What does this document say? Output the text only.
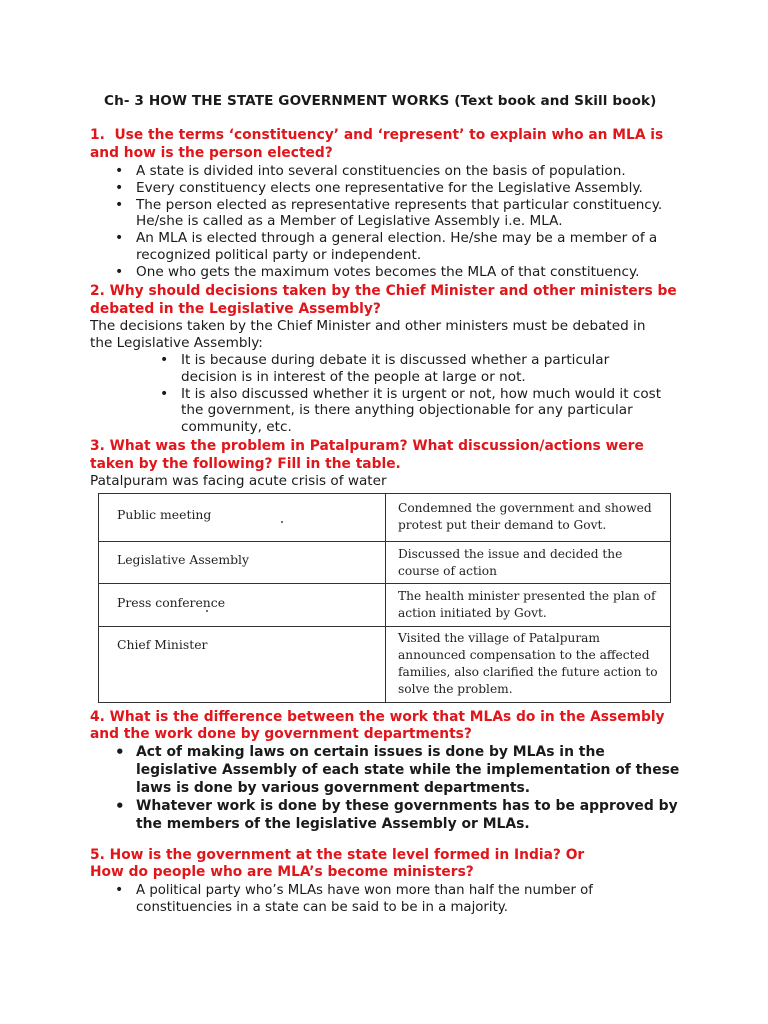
Ch- 3 HOW THE STATE GOVERNMENT WORKS (Text book and Skill book)
1. Use the terms ‘constituency’ and ‘represent’ to explain who an MLA is
and how is the person elected?
• A state is divided into several constituencies on the basis of population.
• Every constituency elects one representative for the Legislative Assembly.
• The person elected as representative represents that particular constituency.
He/she is called as a Member of Legislative Assembly i.e. MLA.
• An MLA is elected through a general election. He/she may be a member of a
recognized political party or independent.
• One who gets the maximum votes becomes the MLA of that constituency.
2. Why should decisions taken by the Chief Minister and other ministers be
debated in the Legislative Assembly?
The decisions taken by the Chief Minister and other ministers must be debated in
the Legislative Assembly:
• It is because during debate it is discussed whether a particular
decision is in interest of the people at large or not.
• It is also discussed whether it is urgent or not, how much would it cost
the government, is there anything objectionable for any particular
community, etc.
3. What was the problem in Patalpuram? What discussion/actions were
taken by the following? Fill in the table.
Patalpuram was facing acute crisis of water
Public meeting	Condemned the government and showed
protest put their demand to Govt.
Legislative Assembly	Discussed the issue and decided the
course of action
Press conference	The health minister presented the plan of
action initiated by Govt.
Chief Minister	Visited the village of Patalpuram
announced compensation to the affected
families, also clarified the future action to
solve the problem.
4. What is the difference between the work that MLAs do in the Assembly
and the work done by government departments?
• Act of making laws on certain issues is done by MLAs in the
legislative Assembly of each state while the implementation of these
laws is done by various government departments.
• Whatever work is done by these governments has to be approved by
the members of the legislative Assembly or MLAs.
5. How is the government at the state level formed in India? Or
How do people who are MLA’s become ministers?
• A political party who’s MLAs have won more than half the number of
constituencies in a state can be said to be in a majority.
